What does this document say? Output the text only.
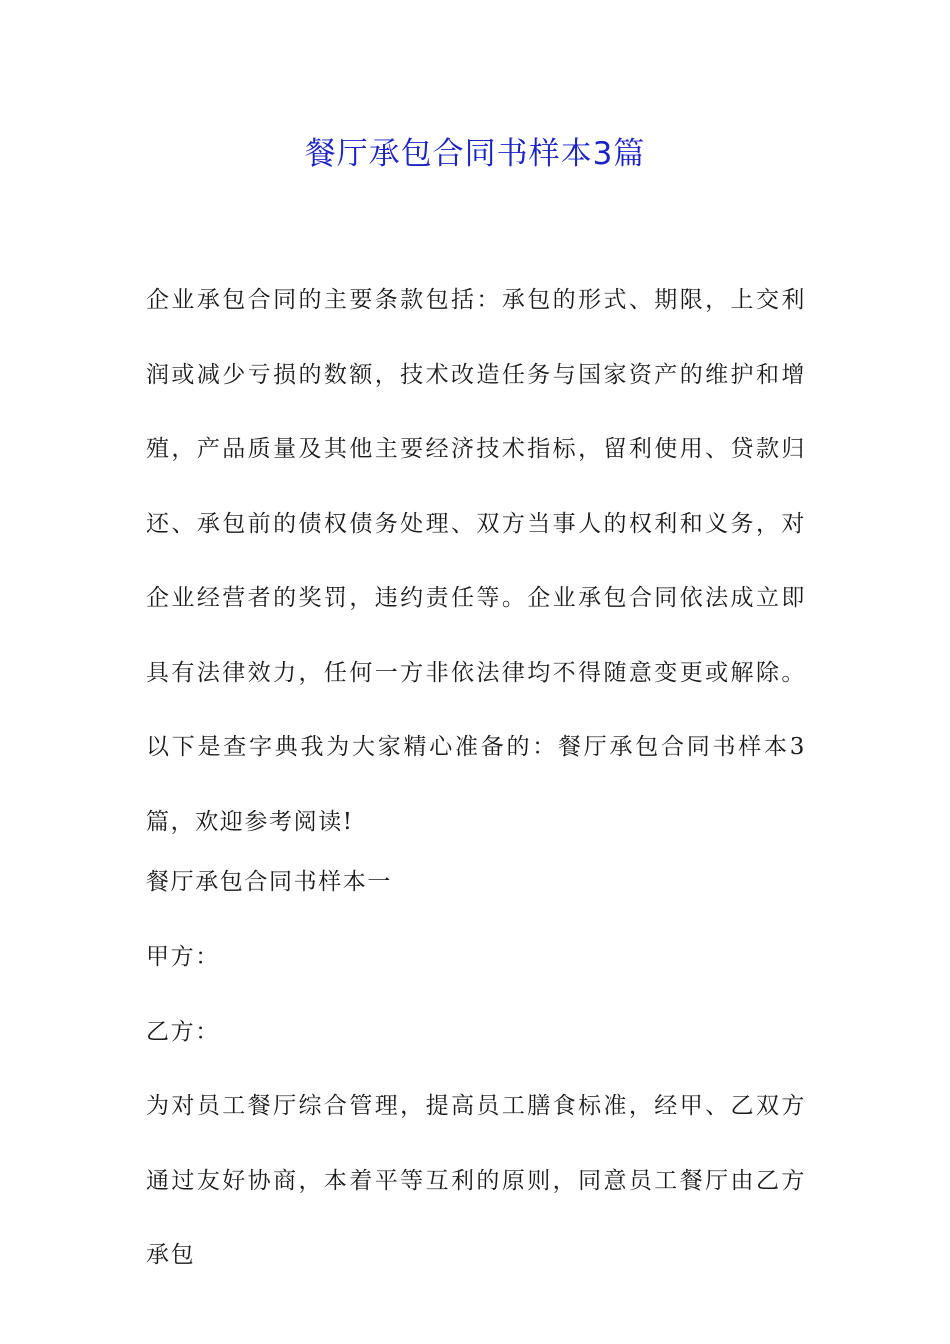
餐厅承包合同书样本3篇

企业承包合同的主要条款包括：承包的形式、期限，上交利润或减少亏损的数额，技术改造任务与国家资产的维护和增殖，产品质量及其他主要经济技术指标，留利使用、贷款归还、承包前的债权债务处理、双方当事人的权利和义务，对企业经营者的奖罚，违约责任等。企业承包合同依法成立即具有法律效力，任何一方非依法律均不得随意变更或解除。以下是查字典我为大家精心准备的：餐厅承包合同书样本3篇，欢迎参考阅读!

餐厅承包合同书样本一

甲方：

乙方：

为对员工餐厅综合管理，提高员工膳食标准，经甲、乙双方通过友好协商，本着平等互利的原则，同意员工餐厅由乙方承包
